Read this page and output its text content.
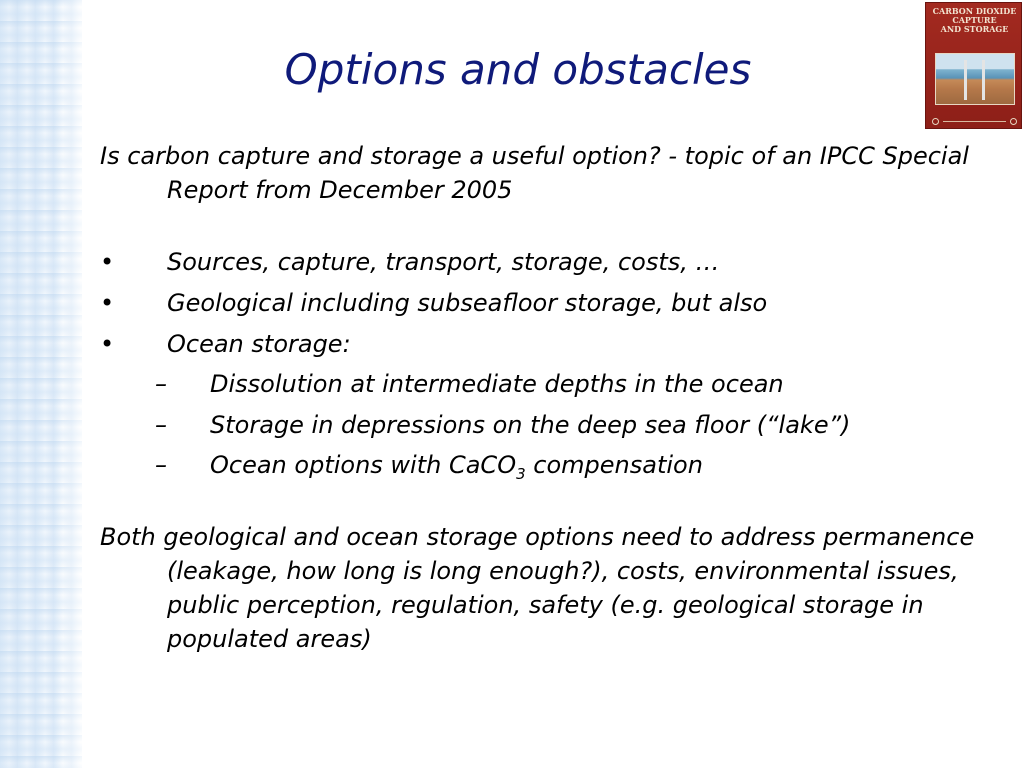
Options and obstacles
CARBON DIOXIDE
CAPTURE
AND STORAGE

Is carbon capture and storage a useful option? - topic of an IPCC Special Report from December 2005

•	Sources, capture, transport, storage, costs, …
•	Geological including subseafloor storage, but also
•	Ocean storage:
–	Dissolution at intermediate depths in the ocean
–	Storage in depressions on the deep sea floor (“lake”)
–	Ocean options with CaCO$_3$ compensation

Both geological and ocean storage options need to address permanence (leakage, how long is long enough?), costs, environmental issues, public perception, regulation, safety (e.g. geological storage in populated areas)
